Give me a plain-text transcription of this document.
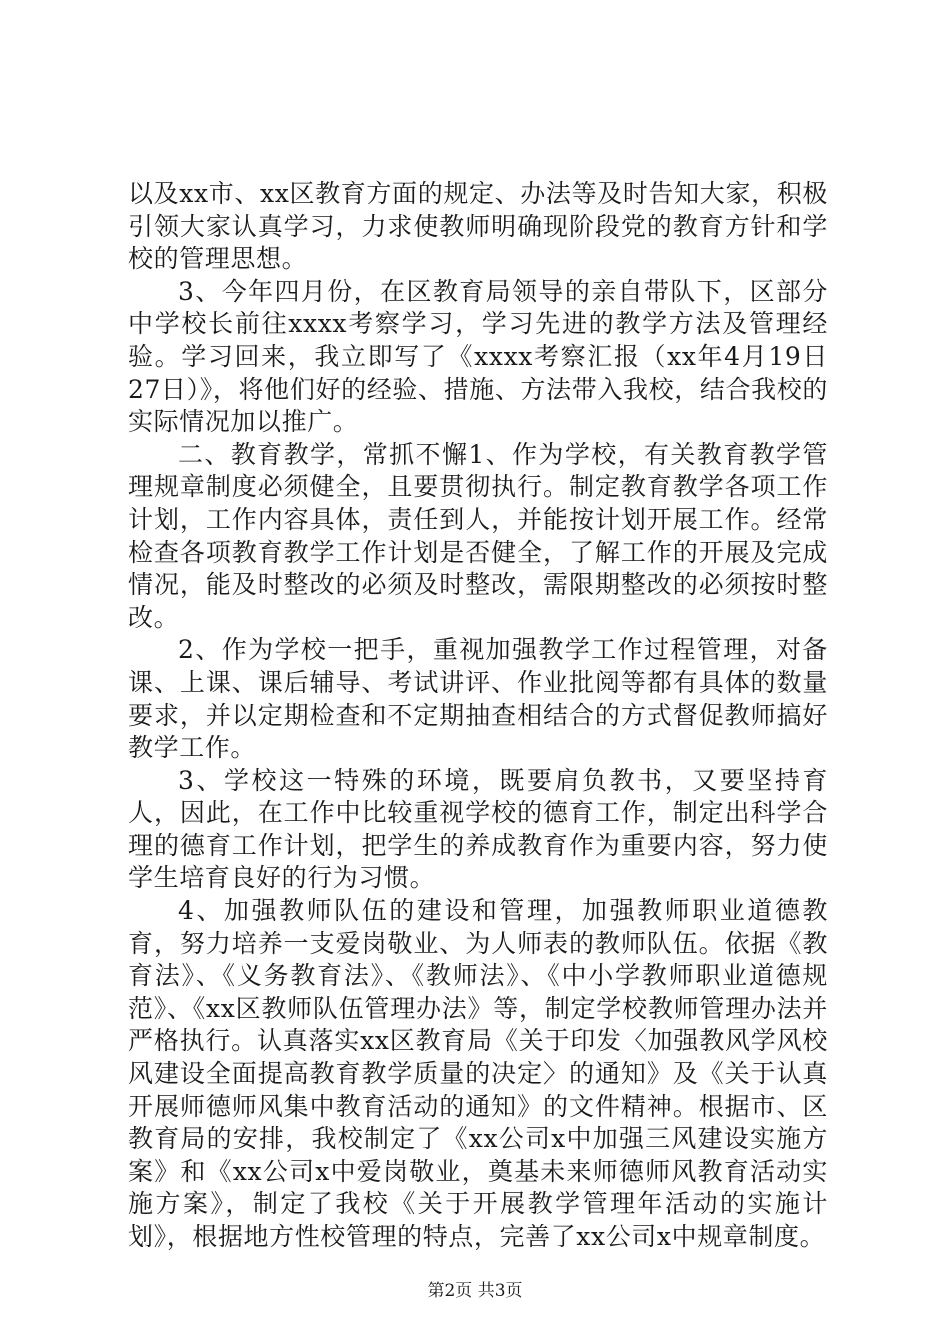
以及xx市、xx区教育方面的规定、办法等及时告知大家，积极引领大家认真学习，力求使教师明确现阶段党的教育方针和学校的管理思想。

3、今年四月份，在区教育局领导的亲自带队下，区部分中学校长前往xxxx考察学习，学习先进的教学方法及管理经验。学习回来，我立即写了《xxxx考察汇报（xx年4月19日27日）》，将他们好的经验、措施、方法带入我校，结合我校的实际情况加以推广。

二、教育教学，常抓不懈1、作为学校，有关教育教学管理规章制度必须健全，且要贯彻执行。制定教育教学各项工作计划，工作内容具体，责任到人，并能按计划开展工作。经常检查各项教育教学工作计划是否健全，了解工作的开展及完成情况，能及时整改的必须及时整改，需限期整改的必须按时整改。

2、作为学校一把手，重视加强教学工作过程管理，对备课、上课、课后辅导、考试讲评、作业批阅等都有具体的数量要求，并以定期检查和不定期抽查相结合的方式督促教师搞好教学工作。

3、学校这一特殊的环境，既要肩负教书，又要坚持育人，因此，在工作中比较重视学校的德育工作，制定出科学合理的德育工作计划，把学生的养成教育作为重要内容，努力使学生培育良好的行为习惯。

4、加强教师队伍的建设和管理，加强教师职业道德教育，努力培养一支爱岗敬业、为人师表的教师队伍。依据《教育法》、《义务教育法》、《教师法》、《中小学教师职业道德规范》、《xx区教师队伍管理办法》等，制定学校教师管理办法并严格执行。认真落实xx区教育局《关于印发〈加强教风学风校风建设全面提高教育教学质量的决定〉的通知》及《关于认真开展师德师风集中教育活动的通知》的文件精神。根据市、区教育局的安排，我校制定了《xx公司x中加强三风建设实施方案》和《xx公司x中爱岗敬业，奠基未来师德师风教育活动实施方案》，制定了我校《关于开展教学管理年活动的实施计划》，根据地方性校管理的特点，完善了xx公司x中规章制度。

第2页 共3页
